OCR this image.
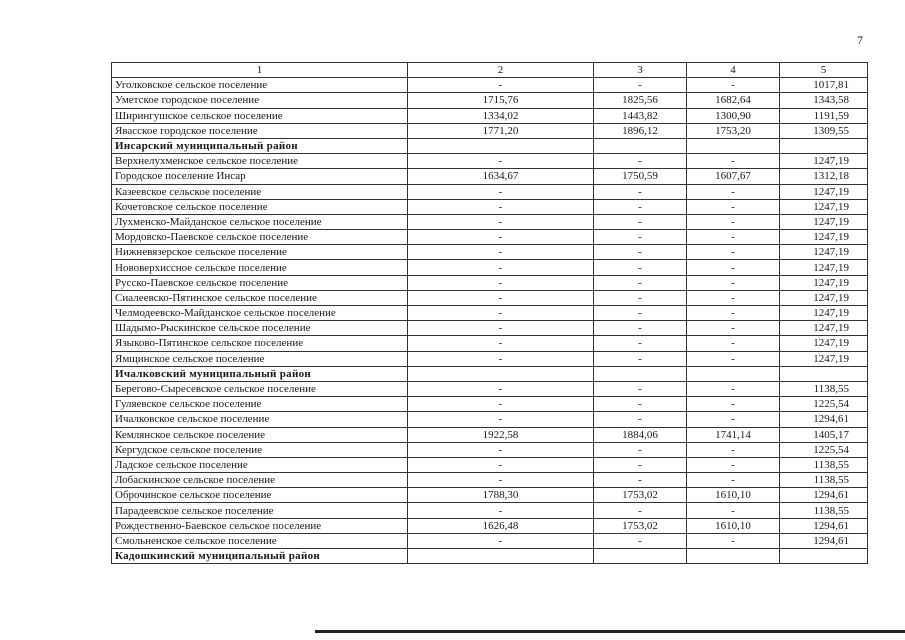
7
1	2	3	4	5
Уголковское сельское поселение	-	-	-	1017,81
Уметское городское поселение	1715,76	1825,56	1682,64	1343,58
Ширингушское сельское поселение	1334,02	1443,82	1300,90	1191,59
Явасское городское поселение	1771,20	1896,12	1753,20	1309,55
Инсарский муниципальный район				
Верхнелухменское сельское поселение	-	-	-	1247,19
Городское поселение Инсар	1634,67	1750,59	1607,67	1312,18
Казеевское сельское поселение	-	-	-	1247,19
Кочетовское сельское поселение	-	-	-	1247,19
Лухменско-Майданское сельское поселение	-	-	-	1247,19
Мордовско-Паевское сельское поселение	-	-	-	1247,19
Нижневязерское сельское поселение	-	-	-	1247,19
Нововерхиссное сельское поселение	-	-	-	1247,19
Русско-Паевское сельское поселение	-	-	-	1247,19
Сиалеевско-Пятинское сельское поселение	-	-	-	1247,19
Челмодеевско-Майданское сельское поселение	-	-	-	1247,19
Шадымо-Рыскинское сельское поселение	-	-	-	1247,19
Языково-Пятинское сельское поселение	-	-	-	1247,19
Ямщинское сельское поселение	-	-	-	1247,19
Ичалковский муниципальный район				
Берегово-Сыресевское сельское поселение	-	-	-	1138,55
Гуляевское сельское поселение	-	-	-	1225,54
Ичалковское сельское поселение	-	-	-	1294,61
Кемлянское сельское поселение	1922,58	1884,06	1741,14	1405,17
Кергудское сельское поселение	-	-	-	1225,54
Ладское сельское поселение	-	-	-	1138,55
Лобаскинское сельское поселение	-	-	-	1138,55
Оброчинское сельское поселение	1788,30	1753,02	1610,10	1294,61
Парадеевское сельское поселение	-	-	-	1138,55
Рождественно-Баевское сельское поселение	1626,48	1753,02	1610,10	1294,61
Смольненское сельское поселение	-	-	-	1294,61
Кадошкинский муниципальный район				
